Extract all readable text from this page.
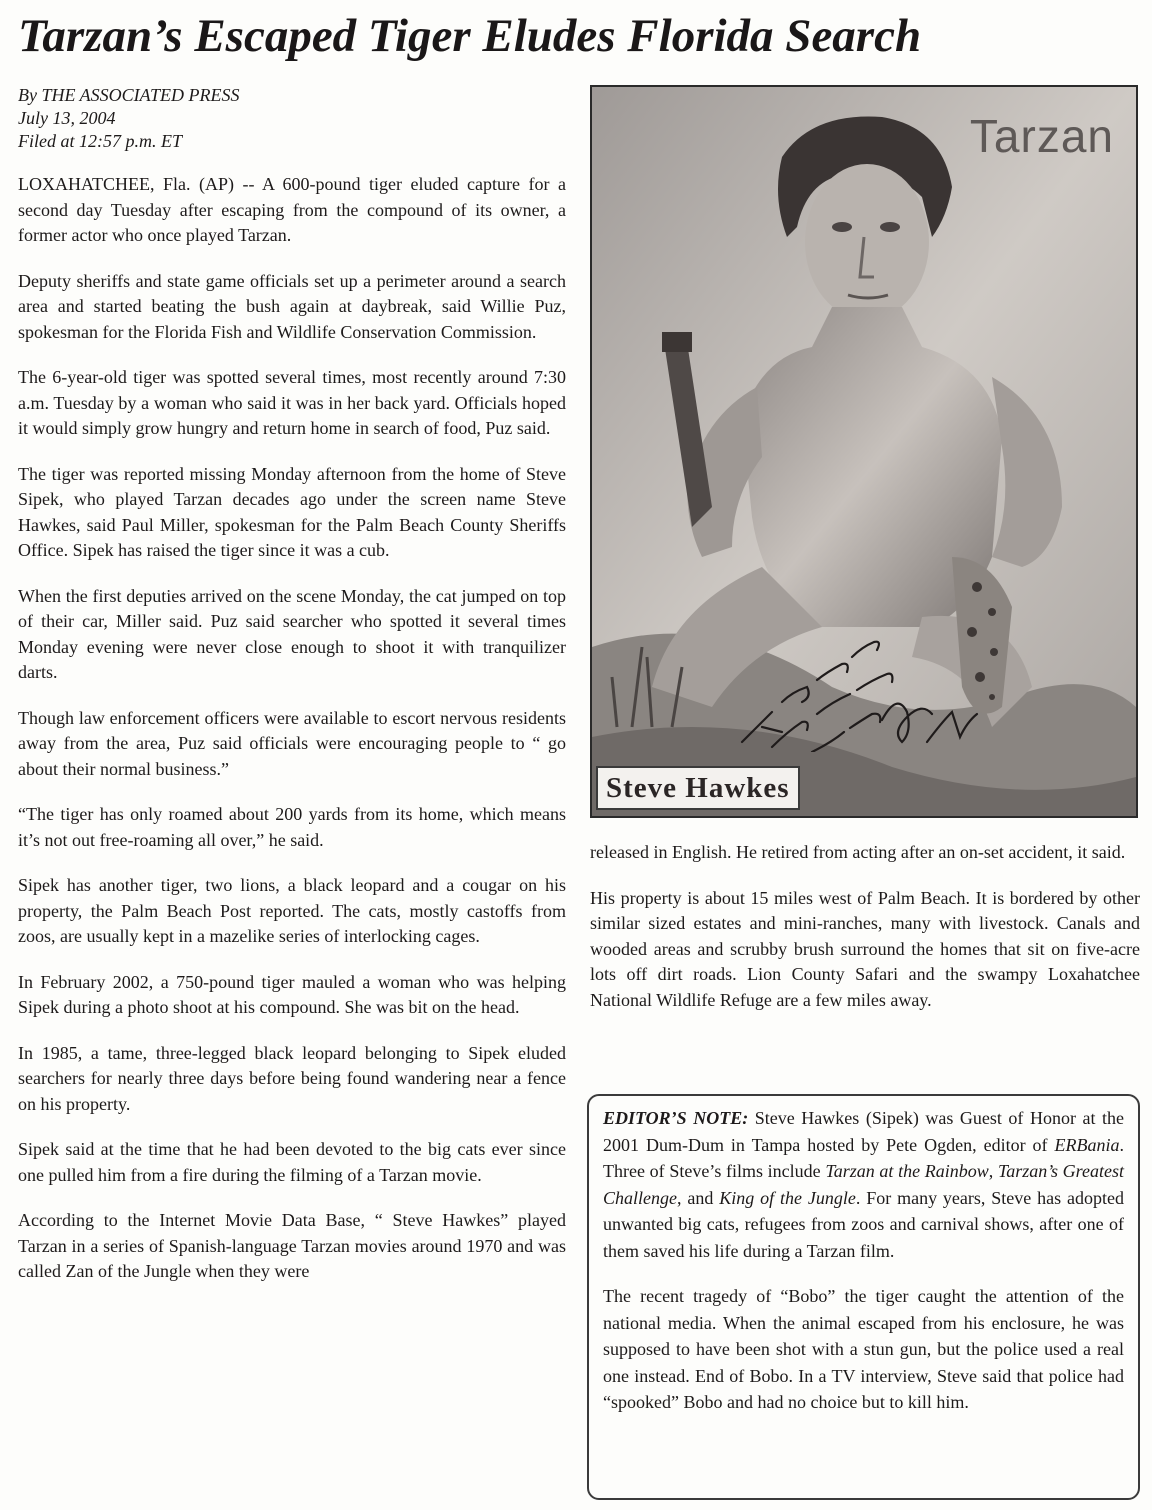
Tarzan’s Escaped Tiger Eludes Florida Search
By THE ASSOCIATED PRESS
July 13, 2004
Filed at 12:57 p.m. ET

LOXAHATCHEE, Fla. (AP) -- A 600-pound tiger eluded capture for a second day Tuesday after escaping from the compound of its owner, a former actor who once played Tarzan.

Deputy sheriffs and state game officials set up a perimeter around a search area and started beating the bush again at daybreak, said Willie Puz, spokesman for the Florida Fish and Wildlife Conservation Commission.

The 6-year-old tiger was spotted several times, most recently around 7:30 a.m. Tuesday by a woman who said it was in her back yard. Officials hoped it would simply grow hungry and return home in search of food, Puz said.

The tiger was reported missing Monday afternoon from the home of Steve Sipek, who played Tarzan decades ago under the screen name Steve Hawkes, said Paul Miller, spokesman for the Palm Beach County Sheriffs Office. Sipek has raised the tiger since it was a cub.

When the first deputies arrived on the scene Monday, the cat jumped on top of their car, Miller said. Puz said searcher who spotted it several times Monday evening were never close enough to shoot it with tranquilizer darts.

Though law enforcement officers were available to escort nervous residents away from the area, Puz said officials were encouraging people to “ go about their normal business.”

“The tiger has only roamed about 200 yards from its home, which means it’s not out free-roaming all over,” he said.

Sipek has another tiger, two lions, a black leopard and a cougar on his property, the Palm Beach Post reported. The cats, mostly castoffs from zoos, are usually kept in a mazelike series of interlocking cages.

In February 2002, a 750-pound tiger mauled a woman who was helping Sipek during a photo shoot at his compound. She was bit on the head.

In 1985, a tame, three-legged black leopard belonging to Sipek eluded searchers for nearly three days before being found wandering near a fence on his property.

Sipek said at the time that he had been devoted to the big cats ever since one pulled him from a fire during the filming of a Tarzan movie.

According to the Internet Movie Data Base, “ Steve Hawkes” played Tarzan in a series of Spanish-language Tarzan movies around 1970 and was called Zan of the Jungle when they were

Tarzan
Steve Hawkes

released in English. He retired from acting after an on-set accident, it said.

His property is about 15 miles west of Palm Beach. It is bordered by other similar sized estates and mini-ranches, many with livestock. Canals and wooded areas and scrubby brush surround the homes that sit on five-acre lots off dirt roads. Lion County Safari and the swampy Loxahatchee National Wildlife Refuge are a few miles away.

EDITOR’S NOTE: Steve Hawkes (Sipek) was Guest of Honor at the 2001 Dum-Dum in Tampa hosted by Pete Ogden, editor of ERBania. Three of Steve’s films include Tarzan at the Rainbow, Tarzan’s Greatest Challenge, and King of the Jungle. For many years, Steve has adopted unwanted big cats, refugees from zoos and carnival shows, after one of them saved his life during a Tarzan film.

The recent tragedy of “Bobo” the tiger caught the attention of the national media. When the animal escaped from his enclosure, he was supposed to have been shot with a stun gun, but the police used a real one instead. End of Bobo. In a TV interview, Steve said that police had “spooked” Bobo and had no choice but to kill him.
